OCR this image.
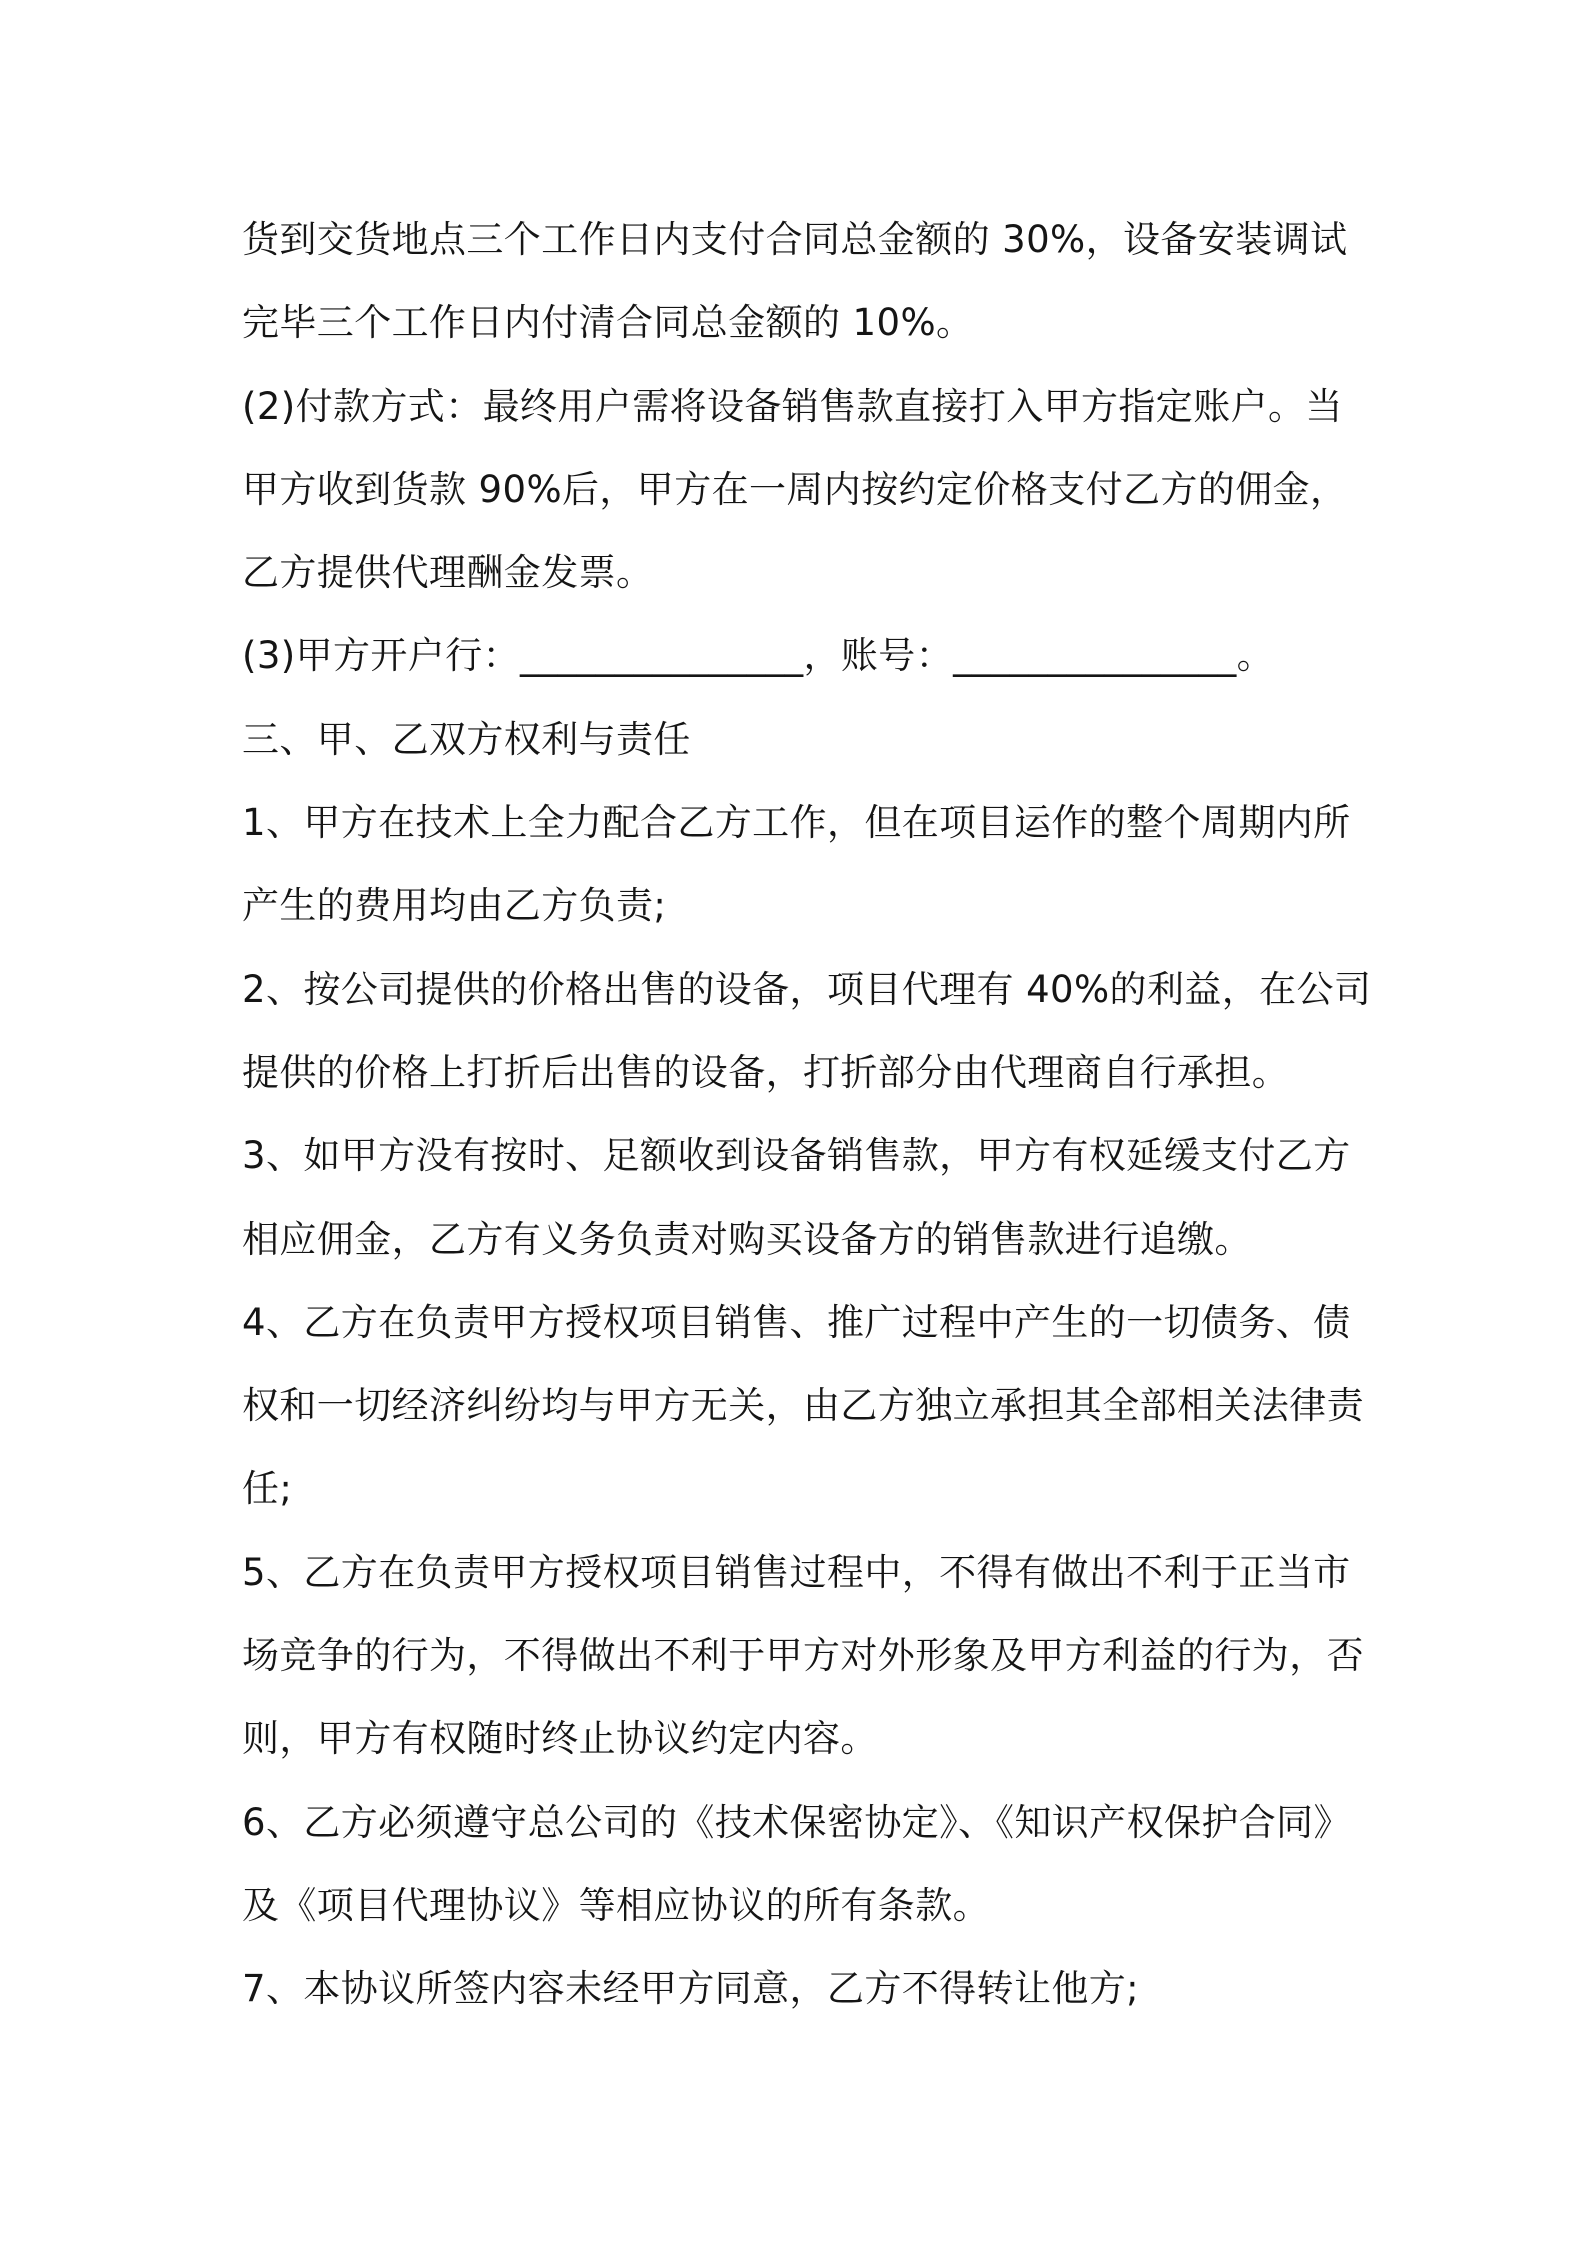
货到交货地点三个工作日内支付合同总金额的 30%，设备安装调试
完毕三个工作日内付清合同总金额的 10%。
(2)付款方式：最终用户需将设备销售款直接打入甲方指定账户。当
甲方收到货款 90%后，甲方在一周内按约定价格支付乙方的佣金，
乙方提供代理酬金发票。
(3)甲方开户行：_______________，账号：_______________。
三、甲、乙双方权利与责任
1、甲方在技术上全力配合乙方工作，但在项目运作的整个周期内所
产生的费用均由乙方负责;
2、按公司提供的价格出售的设备，项目代理有 40%的利益，在公司
提供的价格上打折后出售的设备，打折部分由代理商自行承担。
3、如甲方没有按时、足额收到设备销售款，甲方有权延缓支付乙方
相应佣金，乙方有义务负责对购买设备方的销售款进行追缴。
4、乙方在负责甲方授权项目销售、推广过程中产生的一切债务、债
权和一切经济纠纷均与甲方无关，由乙方独立承担其全部相关法律责
任;
5、乙方在负责甲方授权项目销售过程中，不得有做出不利于正当市
场竞争的行为，不得做出不利于甲方对外形象及甲方利益的行为，否
则，甲方有权随时终止协议约定内容。
6、乙方必须遵守总公司的《技术保密协定》、《知识产权保护合同》
及《项目代理协议》等相应协议的所有条款。
7、本协议所签内容未经甲方同意，乙方不得转让他方;
